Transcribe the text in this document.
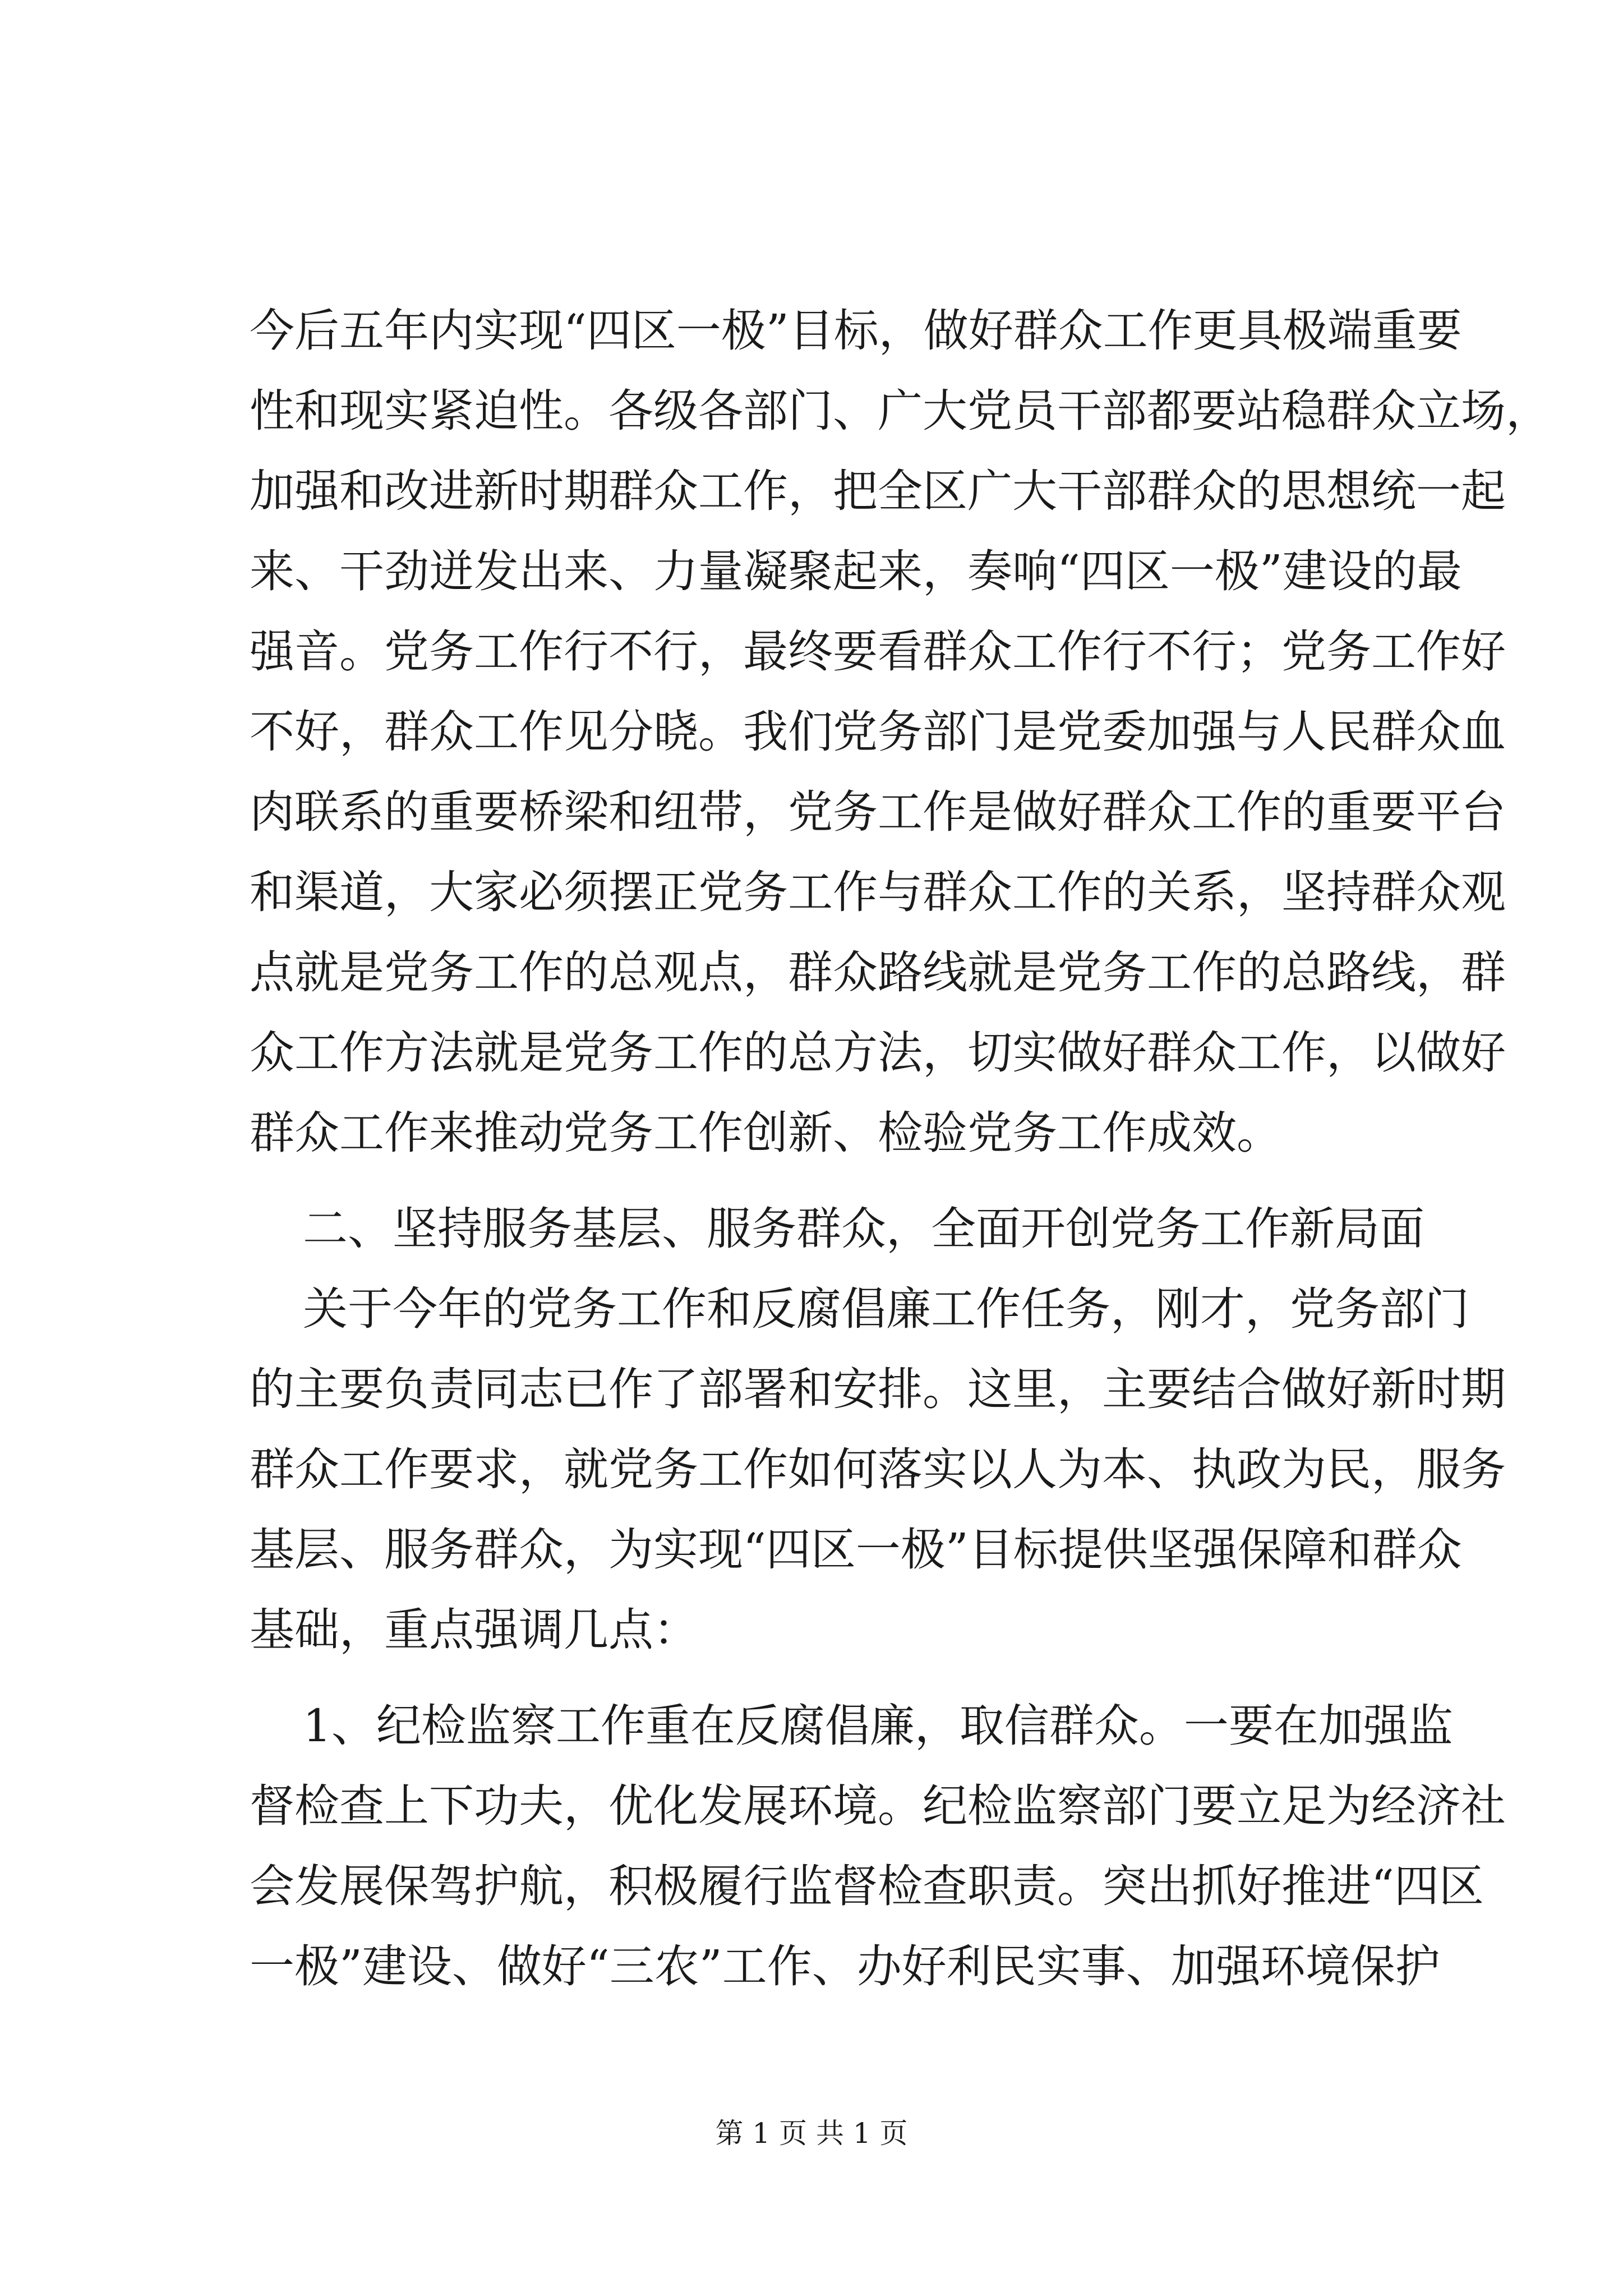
今后五年内实现“四区一极”目标，做好群众工作更具极端重要
性和现实紧迫性。各级各部门、广大党员干部都要站稳群众立场，
加强和改进新时期群众工作，把全区广大干部群众的思想统一起
来、干劲迸发出来、力量凝聚起来，奏响“四区一极”建设的最
强音。党务工作行不行，最终要看群众工作行不行；党务工作好
不好，群众工作见分晓。我们党务部门是党委加强与人民群众血
肉联系的重要桥梁和纽带，党务工作是做好群众工作的重要平台
和渠道，大家必须摆正党务工作与群众工作的关系，坚持群众观
点就是党务工作的总观点，群众路线就是党务工作的总路线，群
众工作方法就是党务工作的总方法，切实做好群众工作，以做好
群众工作来推动党务工作创新、检验党务工作成效。
二、坚持服务基层、服务群众，全面开创党务工作新局面
关于今年的党务工作和反腐倡廉工作任务，刚才，党务部门
的主要负责同志已作了部署和安排。这里，主要结合做好新时期
群众工作要求，就党务工作如何落实以人为本、执政为民，服务
基层、服务群众，为实现“四区一极”目标提供坚强保障和群众
基础，重点强调几点：
1、纪检监察工作重在反腐倡廉，取信群众。一要在加强监
督检查上下功夫，优化发展环境。纪检监察部门要立足为经济社
会发展保驾护航，积极履行监督检查职责。突出抓好推进“四区
一极”建设、做好“三农”工作、办好利民实事、加强环境保护
第 1 页 共 1 页
